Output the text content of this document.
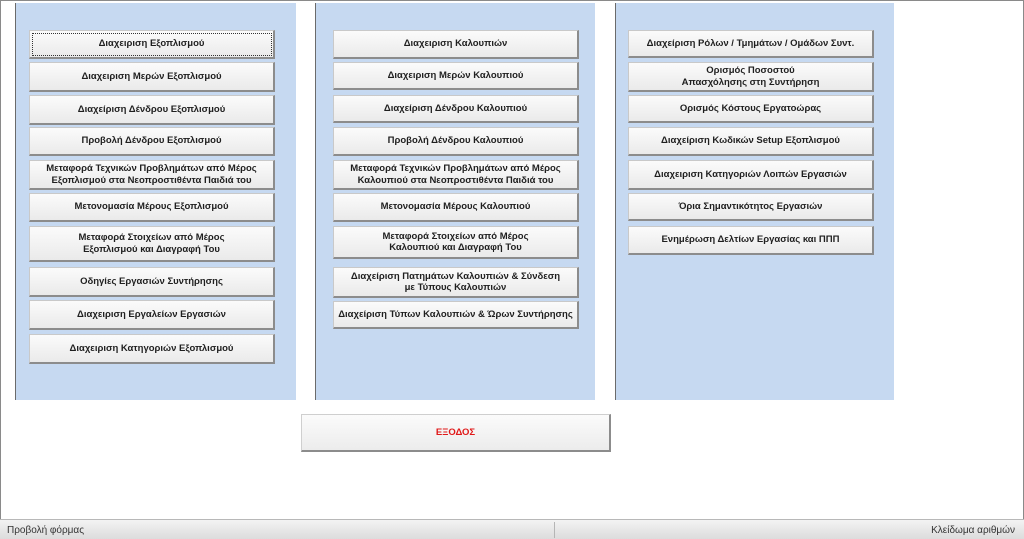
Διαχειριση Εξοπλισμού
Διαχειριση Μερών Εξοπλισμού
Διαχείριση Δένδρου Εξοπλισμού
Προβολή Δένδρου Εξοπλισμού
Μεταφορά Τεχνικών Προβλημάτων από Μέρος
Εξοπλισμού στα Νεοπροστιθέντα Παιδιά του
Μετονομασία Μέρους Εξοπλισμού
Μεταφορά Στοιχείων από Μέρος
Εξοπλισμού και Διαγραφή Του
Οδηγίες Εργασιών Συντήρησης
Διαχειριση Εργαλείων Εργασιών
Διαχειριση Κατηγοριών Εξοπλισμού
Διαχειριση Καλουπιών
Διαχειριση Μερών Καλουπιού
Διαχείριση Δένδρου Καλουπιού
Προβολή Δένδρου Καλουπιού
Μεταφορά Τεχνικών Προβλημάτων από Μέρος
Καλουπιού στα Νεοπροστιθέντα Παιδιά του
Μετονομασία Μέρους Καλουπιού
Μεταφορά Στοιχείων από Μέρος
Καλουπιού και Διαγραφή Του
Διαχείριση Πατημάτων Καλουπιών & Σύνδεση
με Τύπους Καλουπιών
Διαχείριση Τύπων Καλουπιών & Ώρων Συντήρησης
Διαχείριση Ρόλων / Τμημάτων / Ομάδων Συντ.
Ορισμός Ποσοστού
Απασχόλησης στη Συντήρηση
Ορισμός Κόστους Εργατοώρας
Διαχείριση Κωδικών Setup Εξοπλισμού
Διαχειριση Κατηγοριών Λοιπών Εργασιών
Όρια Σημαντικότητος Εργασιών
Ενημέρωση Δελτίων Εργασίας και ΠΠΠ
ΕΞΟΔΟΣ
Προβολή φόρμας	Κλείδωμα αριθμών
